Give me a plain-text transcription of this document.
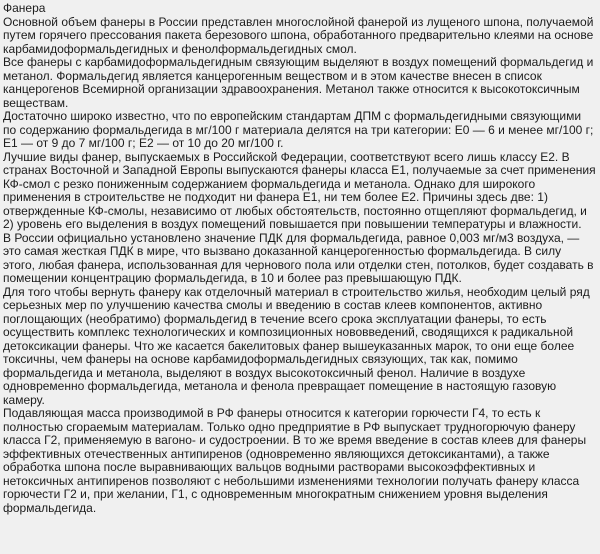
Фанера

Основной объем фанеры в России представлен многослойной фанерой из лущеного шпона, получаемой путем горячего прессования пакета березового шпона, обработанного предварительно клеями на основе карбамидоформальдегидных и фенолформальдегидных смол.

Все фанеры с карбамидоформальдегидным связующим выделяют в воздух помещений формальдегид и метанол. Формальдегид является канцерогенным веществом и в этом качестве внесен в список канцерогенов Всемирной организации здравоохранения. Метанол также относится к высокотоксичным веществам.

Достаточно широко известно, что по европейским стандартам ДПМ с формальдегидными связующими по содержанию формальдегида в мг/100 г материала делятся на три категории: Е0 — 6 и менее мг/100 г; Е1 — от 9 до 7 мг/100 г; Е2 — от 10 до 20 мг/100 г.

Лучшие виды фанер, выпускаемых в Российской Федерации, соответствуют всего лишь классу Е2. В странах Восточной и Западной Европы выпускаются фанеры класса Е1, получаемые за счет применения КФ-смол с резко пониженным содержанием формальдегида и метанола. Однако для широкого применения в строительстве не подходит ни фанера Е1, ни тем более Е2. Причины здесь две: 1) отвержденные КФ-смолы, независимо от любых обстоятельств, постоянно отщепляют формальдегид, и 2) уровень его выделения в воздух помещений повышается при повышении температуры и влажности.

В России официально установлено значение ПДК для формальдегида, равное 0,003 мг/м3 воздуха, — это самая жесткая ПДК в мире, что вызвано доказанной канцерогенностью формальдегида. В силу этого, любая фанера, использованная для чернового пола или отделки стен, потолков, будет создавать в помещении концентрацию формальдегида, в 10 и более раз превышающую ПДК.

Для того чтобы вернуть фанеру как отделочный материал в строительство жилья, необходим целый ряд серьезных мер по улучшению качества смолы и введению в состав клеев компонентов, активно поглощающих (необратимо) формальдегид в течение всего срока эксплуатации фанеры, то есть осуществить комплекс технологических и композиционных нововведений, сводящихся к радикальной детоксикации фанеры. Что же касается бакелитовых фанер вышеуказанных марок, то они еще более токсичны, чем фанеры на основе карбамидоформальдегидных связующих, так как, помимо формальдегида и метанола, выделяют в воздух высокотоксичный фенол. Наличие в воздухе одновременно формальдегида, метанола и фенола превращает помещение в настоящую газовую камеру.

Подавляющая масса производимой в РФ фанеры относится к категории горючести Г4, то есть к полностью сгораемым материалам. Только одно предприятие в РФ выпускает трудногорючую фанеру класса Г2, применяемую в вагоно- и судостроении. В то же время введение в состав клеев для фанеры эффективных отечественных антипиренов (одновременно являющихся детоксикантами), а также обработка шпона после выравнивающих вальцов водными растворами высокоэффективных и нетоксичных антипиренов позволяют с небольшими изменениями технологии получать фанеру класса горючести Г2 и, при желании, Г1, с одновременным многократным снижением уровня выделения формальдегида.
